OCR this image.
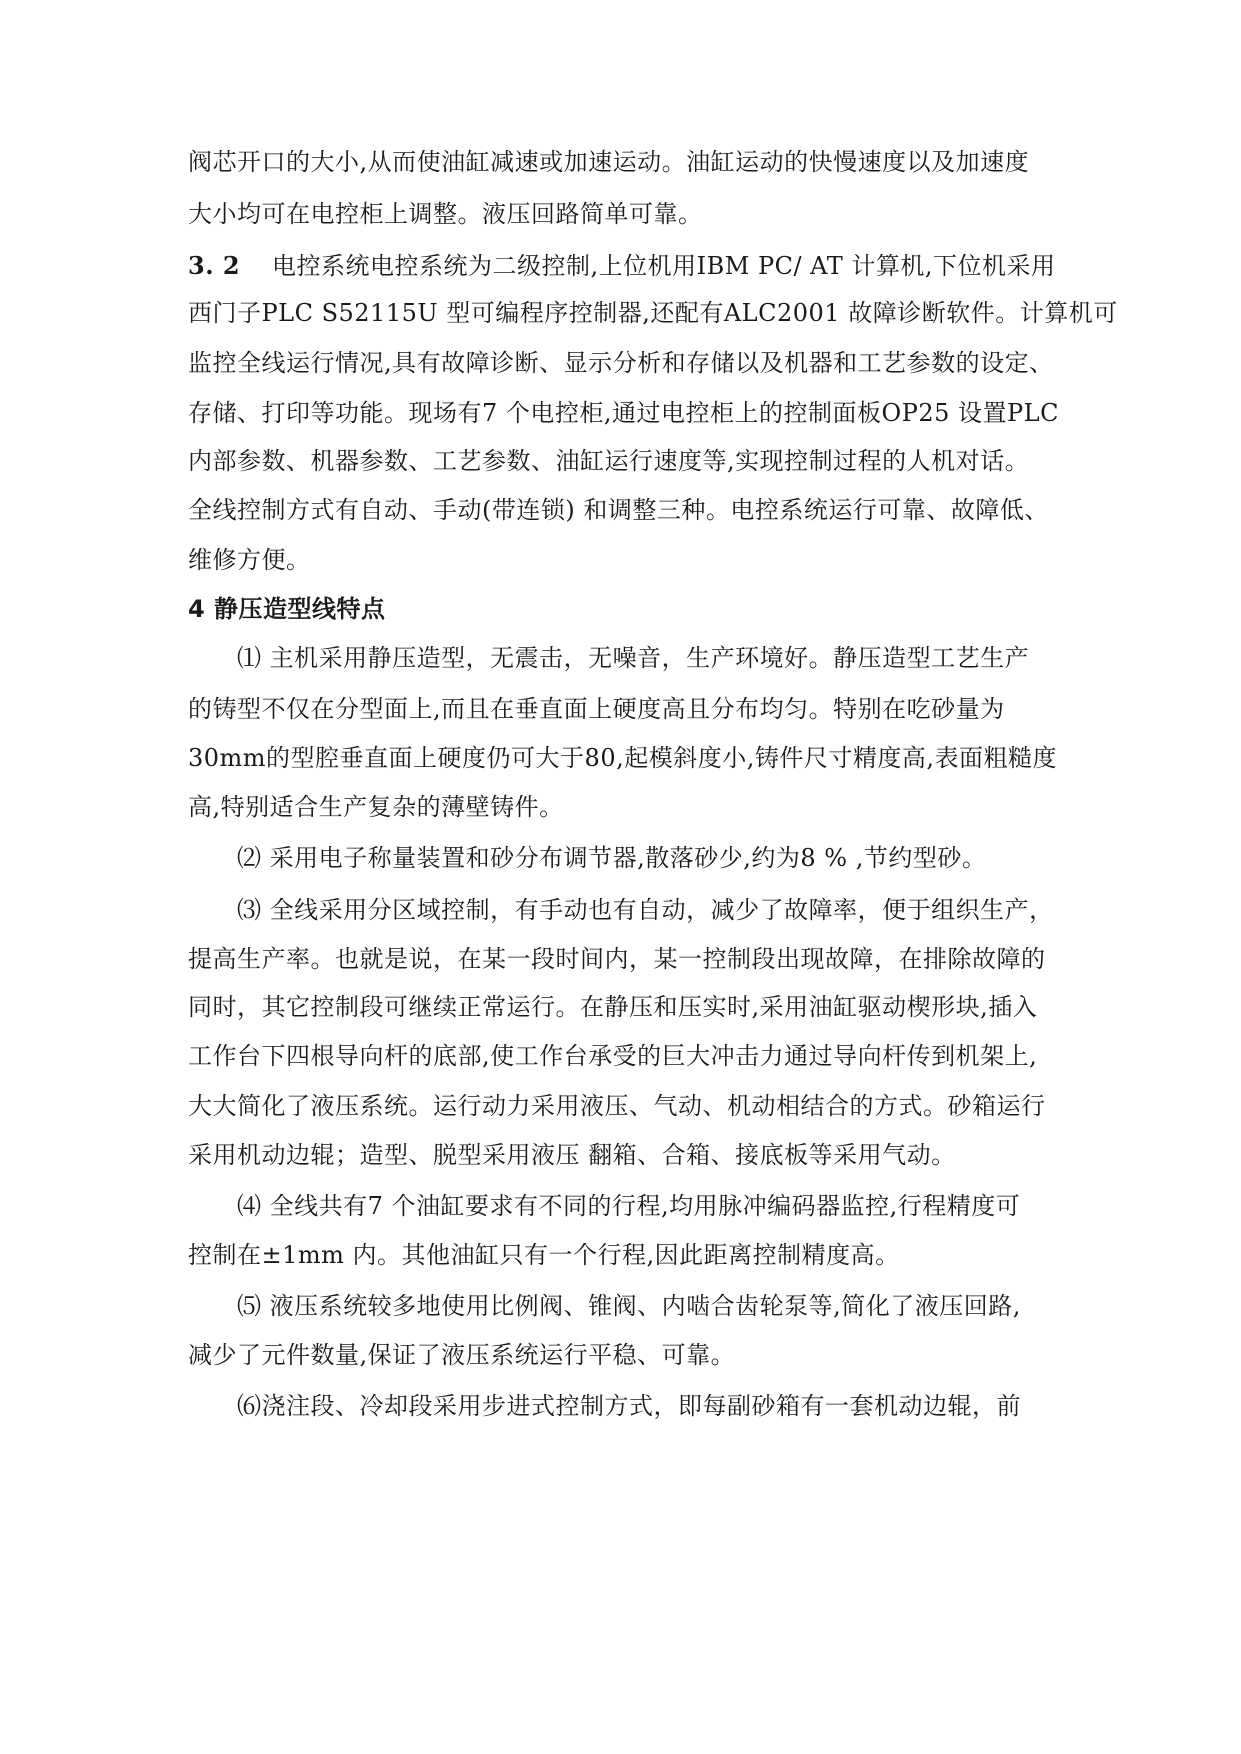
阀芯开口的大小,从而使油缸减速或加速运动。油缸运动的快慢速度以及加速度
大小均可在电控柜上调整。液压回路简单可靠。
3. 2 电控系统电控系统为二级控制,上位机用IBM PC/ AT 计算机,下位机采用
西门子PLC S52115U 型可编程序控制器,还配有ALC2001 故障诊断软件。计算机可
监控全线运行情况,具有故障诊断、显示分析和存储以及机器和工艺参数的设定、
存储、打印等功能。现场有7 个电控柜,通过电控柜上的控制面板OP25 设置PLC
内部参数、机器参数、工艺参数、油缸运行速度等,实现控制过程的人机对话。
全线控制方式有自动、手动(带连锁) 和调整三种。电控系统运行可靠、故障低、
维修方便。
4 静压造型线特点
⑴ 主机采用静压造型，无震击，无噪音，生产环境好。静压造型工艺生产
的铸型不仅在分型面上,而且在垂直面上硬度高且分布均匀。特别在吃砂量为
30mm的型腔垂直面上硬度仍可大于80,起模斜度小,铸件尺寸精度高,表面粗糙度
高,特别适合生产复杂的薄壁铸件。
⑵ 采用电子称量装置和砂分布调节器,散落砂少,约为8 % ,节约型砂。
⑶ 全线采用分区域控制，有手动也有自动，减少了故障率，便于组织生产，
提高生产率。也就是说，在某一段时间内，某一控制段出现故障，在排除故障的
同时，其它控制段可继续正常运行。在静压和压实时,采用油缸驱动楔形块,插入
工作台下四根导向杆的底部,使工作台承受的巨大冲击力通过导向杆传到机架上,
大大简化了液压系统。运行动力采用液压、气动、机动相结合的方式。砂箱运行
采用机动边辊；造型、脱型采用液压 翻箱、合箱、接底板等采用气动。
⑷ 全线共有7 个油缸要求有不同的行程,均用脉冲编码器监控,行程精度可
控制在±1mm 内。其他油缸只有一个行程,因此距离控制精度高。
⑸ 液压系统较多地使用比例阀、锥阀、内啮合齿轮泵等,简化了液压回路,
减少了元件数量,保证了液压系统运行平稳、可靠。
⑹浇注段、冷却段采用步进式控制方式，即每副砂箱有一套机动边辊，前
